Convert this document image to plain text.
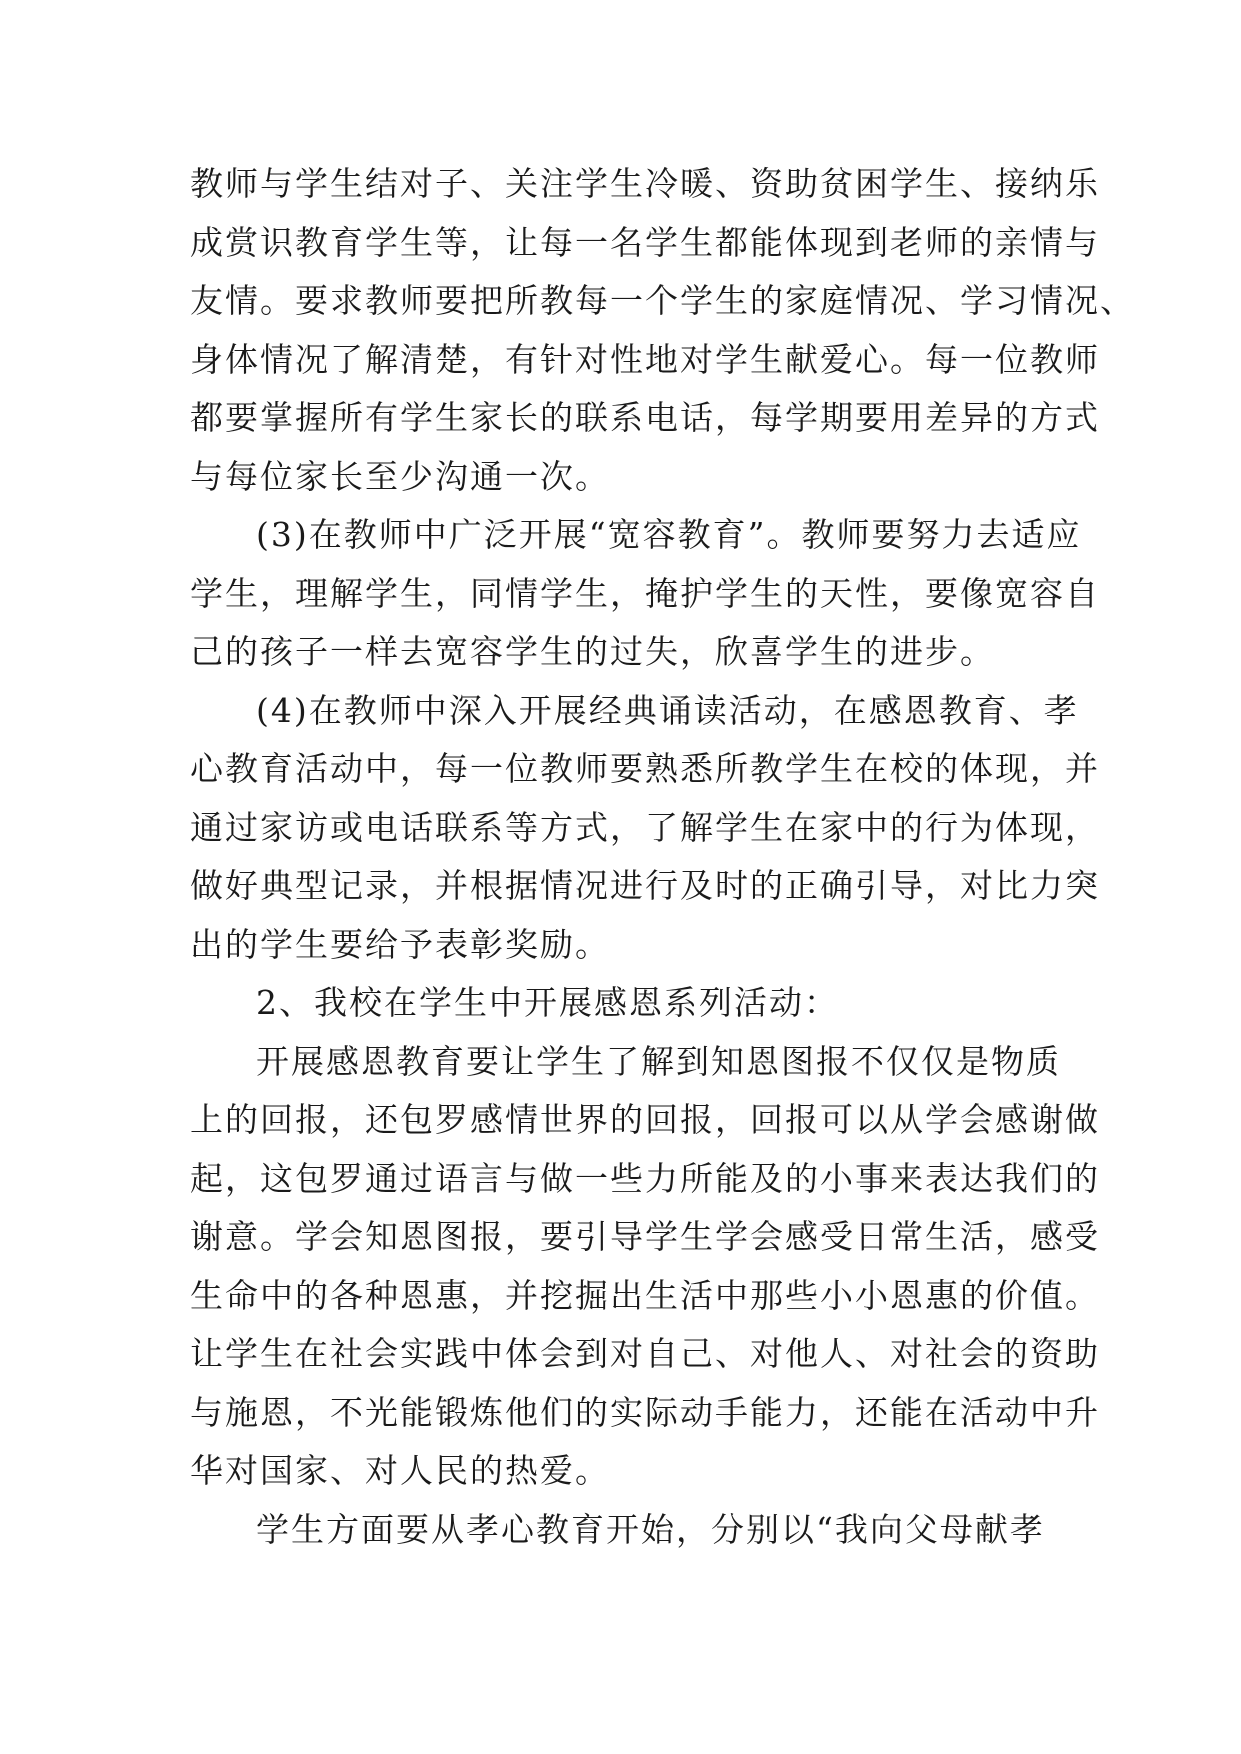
教师与学生结对子、关注学生冷暖、资助贫困学生、接纳乐
成赏识教育学生等，让每一名学生都能体现到老师的亲情与
友情。要求教师要把所教每一个学生的家庭情况、学习情况、
身体情况了解清楚，有针对性地对学生献爱心。每一位教师
都要掌握所有学生家长的联系电话，每学期要用差异的方式
与每位家长至少沟通一次。
(3)在教师中广泛开展“宽容教育”。教师要努力去适应
学生，理解学生，同情学生，掩护学生的天性，要像宽容自
己的孩子一样去宽容学生的过失，欣喜学生的进步。
(4)在教师中深入开展经典诵读活动，在感恩教育、孝
心教育活动中，每一位教师要熟悉所教学生在校的体现，并
通过家访或电话联系等方式，了解学生在家中的行为体现，
做好典型记录，并根据情况进行及时的正确引导，对比力突
出的学生要给予表彰奖励。
2、我校在学生中开展感恩系列活动：
开展感恩教育要让学生了解到知恩图报不仅仅是物质
上的回报，还包罗感情世界的回报，回报可以从学会感谢做
起，这包罗通过语言与做一些力所能及的小事来表达我们的
谢意。学会知恩图报，要引导学生学会感受日常生活，感受
生命中的各种恩惠，并挖掘出生活中那些小小恩惠的价值。
让学生在社会实践中体会到对自己、对他人、对社会的资助
与施恩，不光能锻炼他们的实际动手能力，还能在活动中升
华对国家、对人民的热爱。
学生方面要从孝心教育开始，分别以“我向父母献孝
